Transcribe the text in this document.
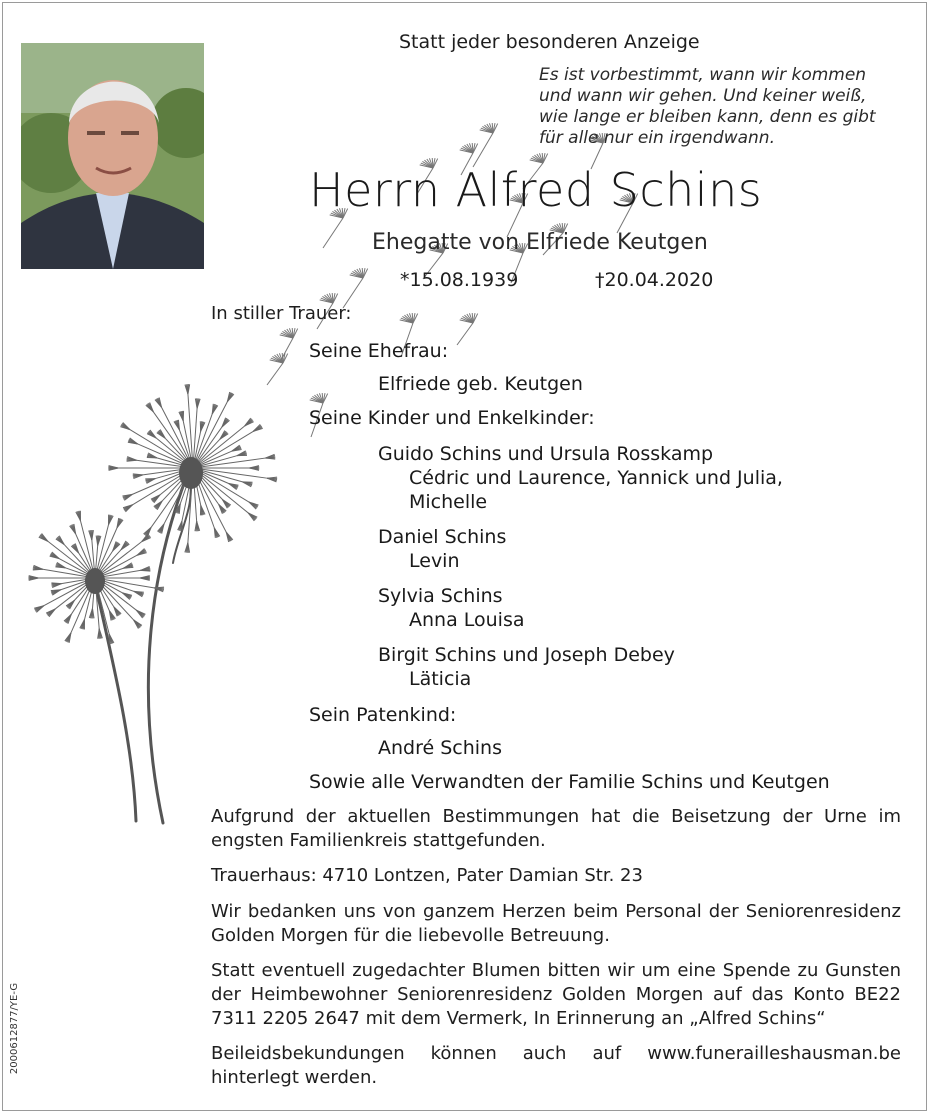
Statt jeder besonderen Anzeige
Es ist vorbestimmt, wann wir kommen
und wann wir gehen. Und keiner weiß,
wie lange er bleiben kann, denn es gibt
für alle nur ein irgendwann.
Herrn Alfred Schins
Ehegatte von Elfriede Keutgen
*15.08.1939	†20.04.2020
In stiller Trauer:
Seine Ehefrau:
Elfriede geb. Keutgen
Seine Kinder und Enkelkinder:
Guido Schins und Ursula Rosskamp
Cédric und Laurence, Yannick und Julia,
Michelle
Daniel Schins
Levin
Sylvia Schins
Anna Louisa
Birgit Schins und Joseph Debey
Läticia
Sein Patenkind:
André Schins
Sowie alle Verwandten der Familie Schins und Keutgen
Aufgrund der aktuellen Bestimmungen hat die Beisetzung der Urne im engsten Familienkreis stattgefunden.
Trauerhaus: 4710 Lontzen, Pater Damian Str. 23
Wir bedanken uns von ganzem Herzen beim Personal der Seniorenresidenz Golden Morgen für die liebevolle Betreuung.
Statt eventuell zugedachter Blumen bitten wir um eine Spende zu Gunsten der Heimbewohner Seniorenresidenz Golden Morgen auf das Konto BE22 7311 2205 2647 mit dem Vermerk, In Erinnerung an „Alfred Schins“
Beileidsbekundungen können auch auf www.funerailleshausman.be hinterlegt werden.
2000612877/YE-G
